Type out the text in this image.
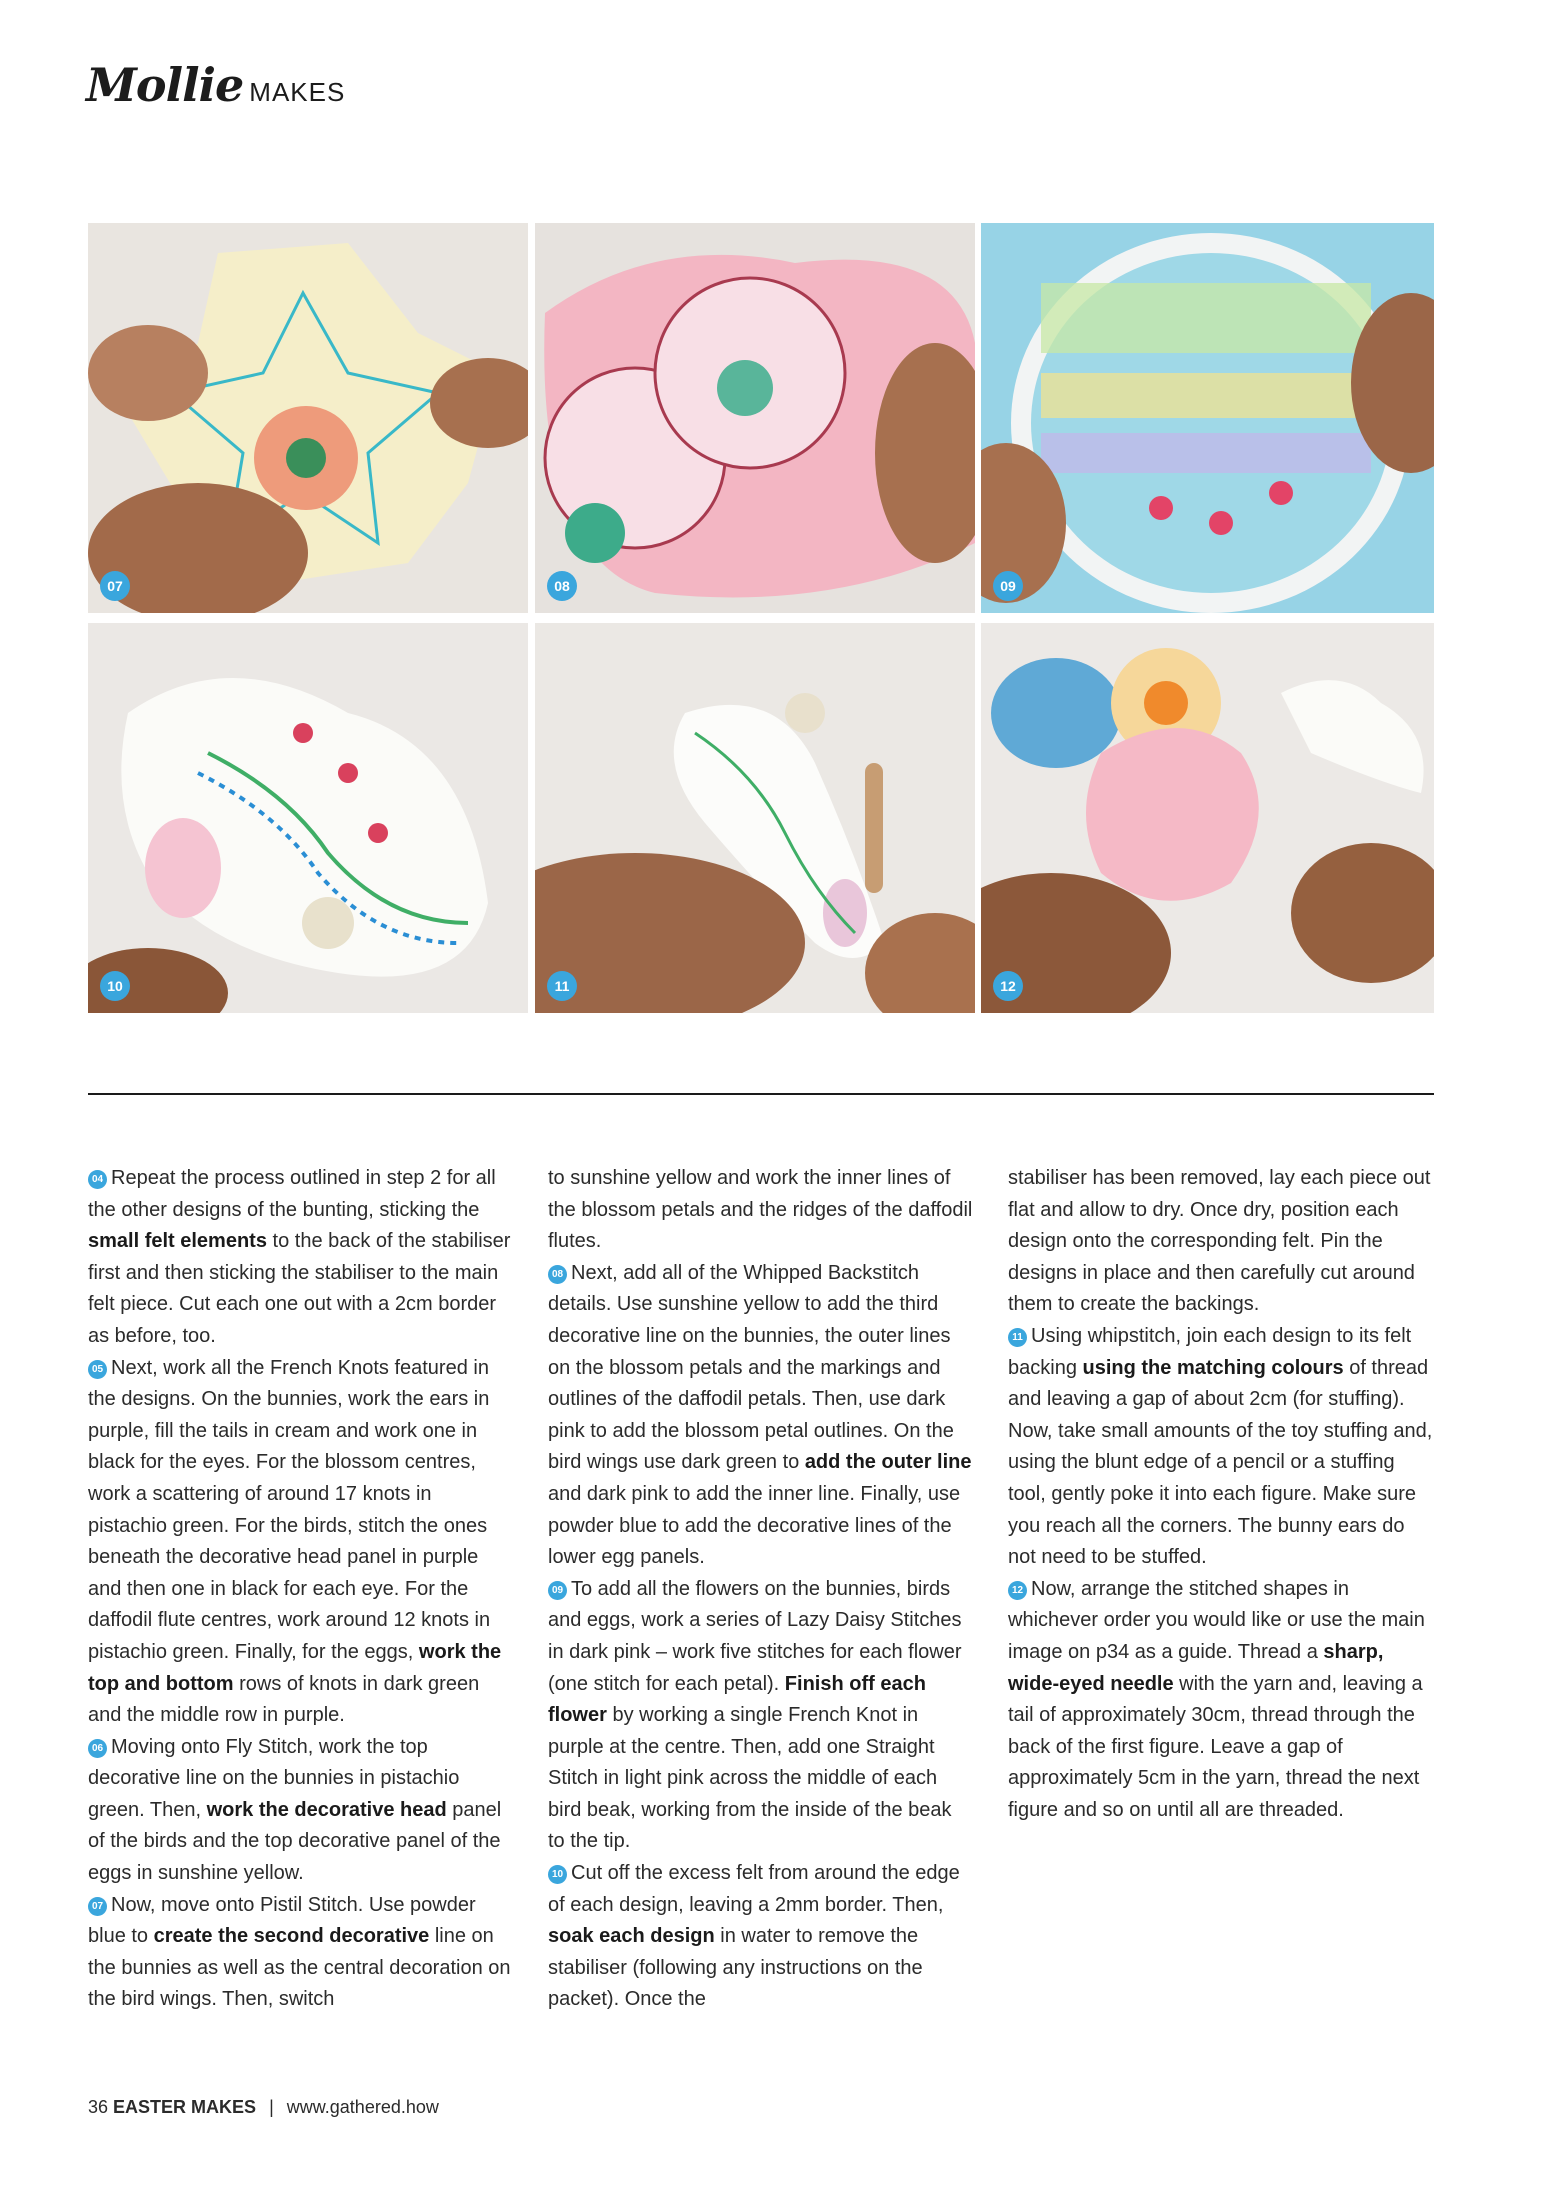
Mollie MAKES
07	08	09
10	11	12

04 Repeat the process outlined in step 2 for all the other designs of the bunting, sticking the small felt elements to the back of the stabiliser first and then sticking the stabiliser to the main felt piece. Cut each one out with a 2cm border as before, too.

05 Next, work all the French Knots featured in the designs. On the bunnies, work the ears in purple, fill the tails in cream and work one in black for the eyes. For the blossom centres, work a scattering of around 17 knots in pistachio green. For the birds, stitch the ones beneath the decorative head panel in purple and then one in black for each eye. For the daffodil flute centres, work around 12 knots in pistachio green. Finally, for the eggs, work the top and bottom rows of knots in dark green and the middle row in purple.

06 Moving onto Fly Stitch, work the top decorative line on the bunnies in pistachio green. Then, work the decorative head panel of the birds and the top decorative panel of the eggs in sunshine yellow.

07 Now, move onto Pistil Stitch. Use powder blue to create the second decorative line on the bunnies as well as the central decoration on the bird wings. Then, switch

to sunshine yellow and work the inner lines of the blossom petals and the ridges of the daffodil flutes.

08 Next, add all of the Whipped Backstitch details. Use sunshine yellow to add the third decorative line on the bunnies, the outer lines on the blossom petals and the markings and outlines of the daffodil petals. Then, use dark pink to add the blossom petal outlines. On the bird wings use dark green to add the outer line and dark pink to add the inner line. Finally, use powder blue to add the decorative lines of the lower egg panels.

09 To add all the flowers on the bunnies, birds and eggs, work a series of Lazy Daisy Stitches in dark pink – work five stitches for each flower (one stitch for each petal). Finish off each flower by working a single French Knot in purple at the centre. Then, add one Straight Stitch in light pink across the middle of each bird beak, working from the inside of the beak to the tip.

10 Cut off the excess felt from around the edge of each design, leaving a 2mm border. Then, soak each design in water to remove the stabiliser (following any instructions on the packet). Once the

stabiliser has been removed, lay each piece out flat and allow to dry. Once dry, position each design onto the corresponding felt. Pin the designs in place and then carefully cut around them to create the backings.

11 Using whipstitch, join each design to its felt backing using the matching colours of thread and leaving a gap of about 2cm (for stuffing). Now, take small amounts of the toy stuffing and, using the blunt edge of a pencil or a stuffing tool, gently poke it into each figure. Make sure you reach all the corners. The bunny ears do not need to be stuffed.

12 Now, arrange the stitched shapes in whichever order you would like or use the main image on p34 as a guide. Thread a sharp, wide-eyed needle with the yarn and, leaving a tail of approximately 30cm, thread through the back of the first figure. Leave a gap of approximately 5cm in the yarn, thread the next figure and so on until all are threaded.

36 EASTER MAKES | www.gathered.how
